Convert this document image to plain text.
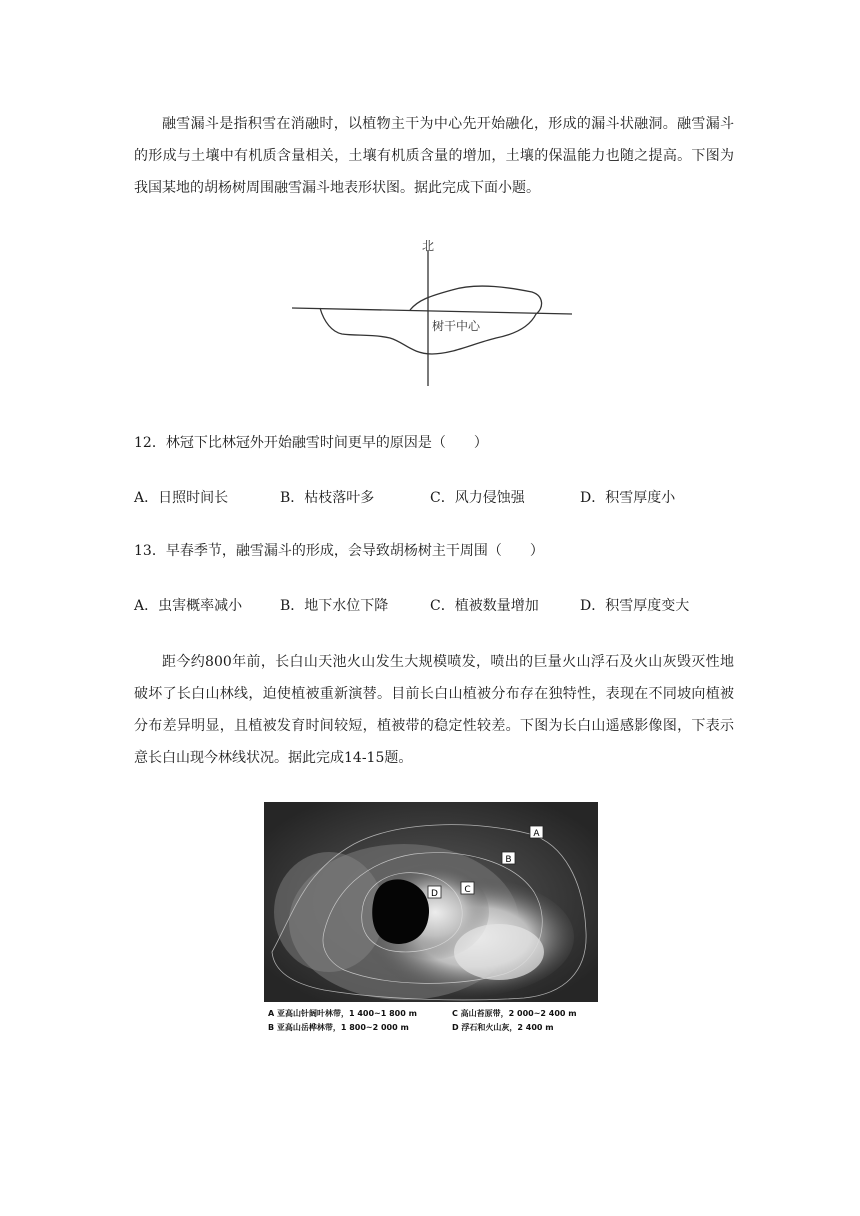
融雪漏斗是指积雪在消融时，以植物主干为中心先开始融化，形成的漏斗状融洞。融雪漏斗的形成与土壤中有机质含量相关，土壤有机质含量的增加，土壤的保温能力也随之提高。下图为我国某地的胡杨树周围融雪漏斗地表形状图。据此完成下面小题。

北
树干中心

12．林冠下比林冠外开始融雪时间更早的原因是（　　）

A．日照时间长	B．枯枝落叶多	C．风力侵蚀强	D．积雪厚度小

13．早春季节，融雪漏斗的形成，会导致胡杨树主干周围（　　）

A．虫害概率减小	B．地下水位下降	C．植被数量增加	D．积雪厚度变大

距今约800年前，长白山天池火山发生大规模喷发，喷出的巨量火山浮石及火山灰毁灭性地破坏了长白山林线，迫使植被重新演替。目前长白山植被分布存在独特性，表现在不同坡向植被分布差异明显，且植被发育时间较短，植被带的稳定性较差。下图为长白山遥感影像图，下表示意长白山现今林线状况。据此完成14-15题。

A
B
C
D
A 亚高山针阔叶林带，1 400~1 800 m	C 高山苔原带，2 000~2 400 m
B 亚高山岳桦林带，1 800~2 000 m	D 浮石和火山灰，2 400 m
